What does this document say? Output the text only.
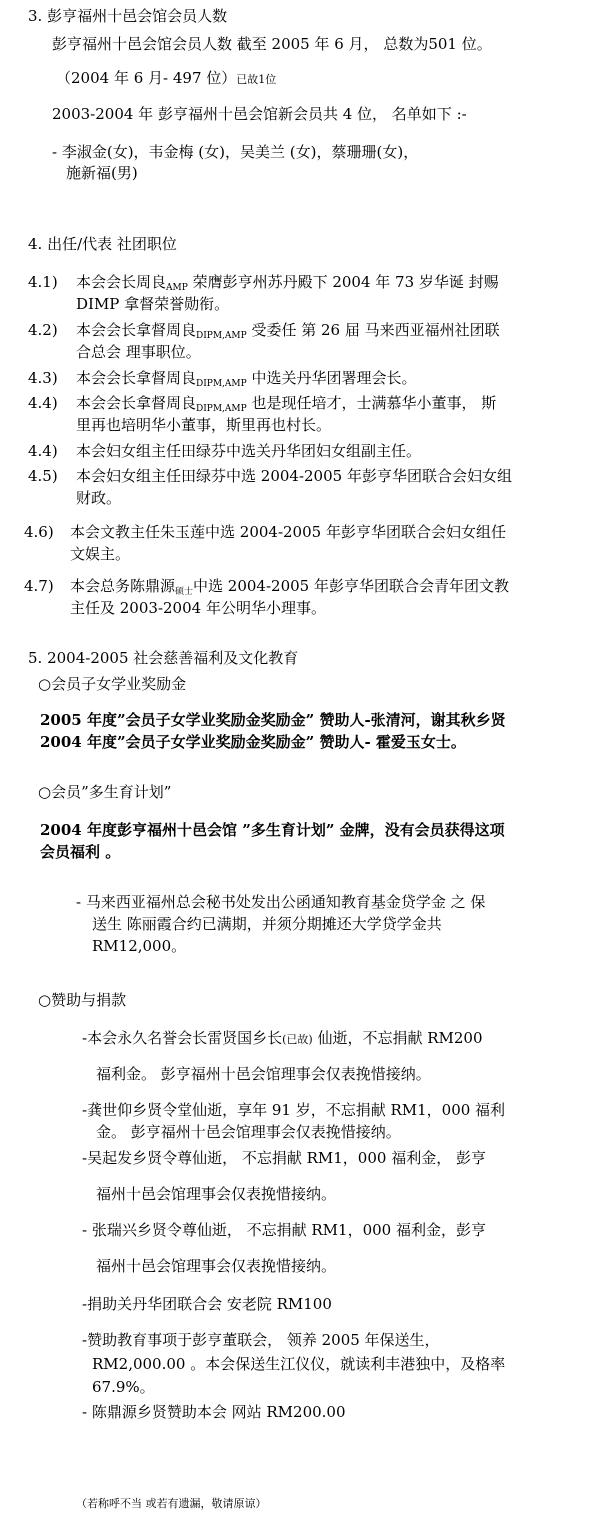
3. 彭亨福州十邑会馆会员人数
彭亨福州十邑会馆会员人数 截至 2005 年 6 月， 总数为501 位。
（2004 年 6 月- 497 位）已故1位
2003-2004 年 彭亨福州十邑会馆新会员共 4 位， 名单如下 :-
- 李淑金(女)，韦金梅 (女)，吴美兰 (女)，蔡珊珊(女)，
施新福(男)
4. 出任/代表 社团职位
4.1) 本会会长周良$_{AMP}$ 荣膺彭亨州苏丹殿下 2004 年 73 岁华诞 封赐
DIMP 拿督荣誉勋衔。
4.2) 本会会长拿督周良$_{DIPM,AMP}$ 受委任 第 26 届 马来西亚福州社团联
合总会 理事职位。
4.3) 本会会长拿督周良$_{DIPM,AMP}$ 中选关丹华团署理会长。
4.4) 本会会长拿督周良$_{DIPM,AMP}$ 也是现任培才，士满慕华小董事， 斯
里再也培明华小董事，斯里再也村长。
4.4) 本会妇女组主任田绿芬中选关丹华团妇女组副主任。
4.5) 本会妇女组主任田绿芬中选 2004-2005 年彭亨华团联合会妇女组
财政。
4.6) 本会文教主任朱玉莲中选 2004-2005 年彭亨华团联合会妇女组任
文娱主。
4.7) 本会总务陈鼎源$_{硕士}$中选 2004-2005 年彭亨华团联合会青年团文教
主任及 2003-2004 年公明华小理事。
5. 2004-2005 社会慈善福利及文化教育
○会员子女学业奖励金
2005 年度”会员子女学业奖励金奖励金” 赞助人-张清河，谢其秋乡贤
2004 年度”会员子女学业奖励金奖励金” 赞助人- 霍爱玉女士。
○会员”多生育计划”
2004 年度彭亨福州十邑会馆 ”多生育计划” 金牌，没有会员获得这项
会员福利 。
- 马来西亚福州总会秘书处发出公函通知教育基金贷学金 之 保
送生 陈丽霞合约已满期，并须分期摊还大学贷学金共
RM12,000。
○赞助与捐款
-本会永久名誉会长雷贤国乡长(已故) 仙逝，不忘捐献 RM200
福利金。 彭亨福州十邑会馆理事会仅表挽惜接纳。
-龚世仰乡贤令堂仙逝，享年 91 岁，不忘捐献 RM1，000 福利
金。 彭亨福州十邑会馆理事会仅表挽惜接纳。
-吴起发乡贤令尊仙逝， 不忘捐献 RM1，000 福利金， 彭亨
福州十邑会馆理事会仅表挽惜接纳。
- 张瑞兴乡贤令尊仙逝， 不忘捐献 RM1，000 福利金，彭亨
福州十邑会馆理事会仅表挽惜接纳。
-捐助关丹华团联合会 安老院 RM100
-赞助教育事项于彭亨董联会， 领养 2005 年保送生，
RM2,000.00 。本会保送生江仪仪，就读利丰港独中，及格率
67.9%。
- 陈鼎源乡贤赞助本会 网站 RM200.00
（若称呼不当 或若有遗漏，敬请原谅）
